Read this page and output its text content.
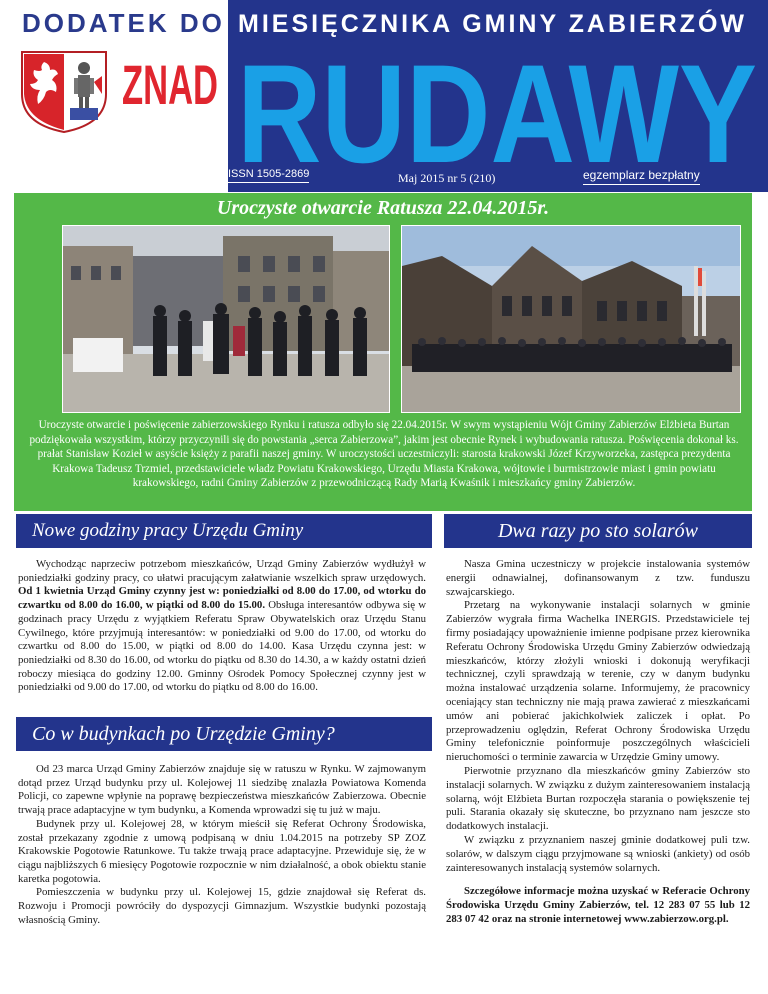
DODATEK DO MIESIĘCZNIKA GMINY ZABIERZÓW
ZNAD RUDAWY
ISSN 1505-2869	Maj 2015 nr 5 (210)	egzemplarz bezpłatny
Uroczyste otwarcie Ratusza 22.04.2015r.
Uroczyste otwarcie i poświęcenie zabierzowskiego Rynku i ratusza odbyło się 22.04.2015r. W swym wystąpieniu Wójt Gminy Zabierzów Elżbieta Burtan podziękowała wszystkim, którzy przyczynili się do powstania „serca Zabierzowa”, jakim jest obecnie Rynek i wybudowania ratusza. Poświęcenia dokonał ks. prałat Stanisław Kozieł w asyście księży z parafii naszej gminy. W uroczystości uczestniczyli: starosta krakowski Józef Krzyworzeka, zastępca prezydenta Krakowa Tadeusz Trzmiel, przedstawiciele władz Powiatu Krakowskiego, Urzędu Miasta Krakowa, wójtowie i burmistrzowie miast i gmin powiatu krakowskiego, radni Gminy Zabierzów z przewodniczącą Rady Marią Kwaśnik i mieszkańcy gminy Zabierzów.
Nowe godziny pracy Urzędu Gminy

Wychodząc naprzeciw potrzebom mieszkańców, Urząd Gminy Zabierzów wydłużył w poniedziałki godziny pracy, co ułatwi pracującym załatwianie wszelkich spraw urzędowych. Od 1 kwietnia Urząd Gminy czynny jest w: poniedziałki od 8.00 do 17.00, od wtorku do czwartku od 8.00 do 16.00, w piątki od 8.00 do 15.00. Obsługa interesantów odbywa się w godzinach pracy Urzędu z wyjątkiem Referatu Spraw Obywatelskich oraz Urzędu Stanu Cywilnego, które przyjmują interesantów: w poniedziałki od 9.00 do 17.00, od wtorku do czwartku od 8.00 do 15.00, w piątki od 8.00 do 14.00. Kasa Urzędu czynna jest: w poniedziałki od 8.30 do 16.00, od wtorku do piątku od 8.30 do 14.30, a w każdy ostatni dzień roboczy miesiąca do godziny 12.00. Gminny Ośrodek Pomocy Społecznej czynny jest w poniedziałki od 9.00 do 17.00, od wtorku do piątku od 8.00 do 16.00.

Co w budynkach po Urzędzie Gminy?

Od 23 marca Urząd Gminy Zabierzów znajduje się w ratuszu w Rynku. W zajmowanym dotąd przez Urząd budynku przy ul. Kolejowej 11 siedzibę znalazła Powiatowa Komenda Policji, co zapewne wpłynie na poprawę bezpieczeństwa mieszkańców Zabierzowa. Obecnie trwają prace adaptacyjne w tym budynku, a Komenda wprowadzi się tu już w maju.

Budynek przy ul. Kolejowej 28, w którym mieścił się Referat Ochrony Środowiska, został przekazany zgodnie z umową podpisaną w dniu 1.04.2015 na potrzeby SP ZOZ Krakowskie Pogotowie Ratunkowe. Tu także trwają prace adaptacyjne. Przewiduje się, że w ciągu najbliższych 6 miesięcy Pogotowie rozpocznie w nim działalność, a obok obiektu stanie karetka pogotowia.

Pomieszczenia w budynku przy ul. Kolejowej 15, gdzie znajdował się Referat ds. Rozwoju i Promocji powróciły do dyspozycji Gimnazjum. Wszystkie budynki pozostają własnością Gminy.

Dwa razy po sto solarów

Nasza Gmina uczestniczy w projekcie instalowania systemów energii odnawialnej, dofinansowanym z tzw. funduszu szwajcarskiego.

Przetarg na wykonywanie instalacji solarnych w gminie Zabierzów wygrała firma Wachelka INERGIS. Przedstawiciele tej firmy posiadający upoważnienie imienne podpisane przez kierownika Referatu Ochrony Środowiska Urzędu Gminy Zabierzów odwiedzają mieszkańców, którzy złożyli wnioski i dokonują weryfikacji technicznej, czyli sprawdzają w terenie, czy w danym budynku można instalować urządzenia solarne. Informujemy, że pracownicy oceniający stan techniczny nie mają prawa zawierać z mieszkańcami umów ani pobierać jakichkolwiek zaliczek i opłat. Po przeprowadzeniu oględzin, Referat Ochrony Środowiska Urzędu Gminy telefonicznie poinformuje poszczególnych właścicieli nieruchomości o terminie zawarcia w Urzędzie Gminy umowy.

Pierwotnie przyznano dla mieszkańców gminy Zabierzów sto instalacji solarnych. W związku z dużym zainteresowaniem instalacją solarną, wójt Elżbieta Burtan rozpoczęła starania o powiększenie tej puli. Starania okazały się skuteczne, bo przyznano nam jeszcze sto dodatkowych instalacji.

W związku z przyznaniem naszej gminie dodatkowej puli tzw. solarów, w dalszym ciągu przyjmowane są wnioski (ankiety) od osób zainteresowanych instalacją systemów solarnych.

Szczegółowe informacje można uzyskać w Referacie Ochrony Środowiska Urzędu Gminy Zabierzów, tel. 12 283 07 55 lub 12 283 07 42 oraz na stronie internetowej www.zabierzow.org.pl.
